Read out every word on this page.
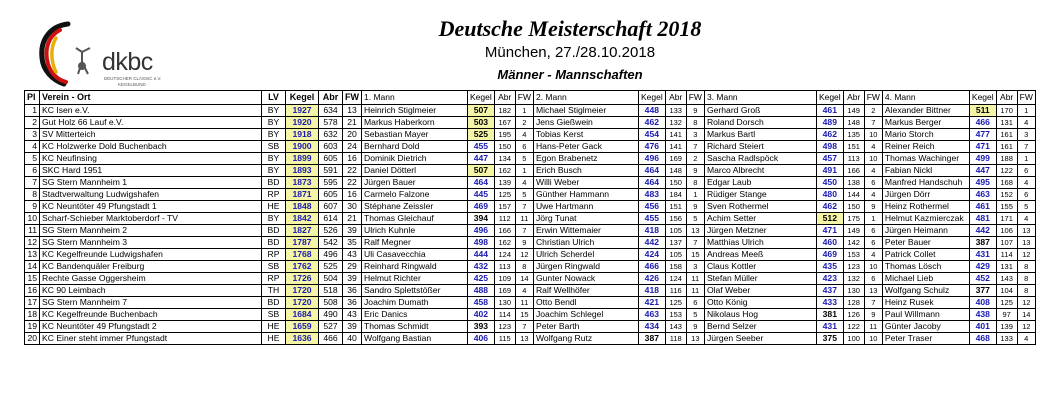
dkbc
DEUTSCHER CLASSIC e.V.
KEGELBUND
Deutsche Meisterschaft 2018
München, 27./28.10.2018
Männer - Mannschaften
Pl	Verein - Ort	LV	Kegel	Abr	FW	1. Mann	Kegel	Abr	FW	2. Mann	Kegel	Abr	FW	3. Mann	Kegel	Abr	FW	4. Mann	Kegel	Abr	FW
1	KC Isen e.V.	BY	1927	634	13	Heinrich Stiglmeier	507	182	1	Michael Stiglmeier	448	133	9	Gerhard Groß	461	149	2	Alexander Bittner	511	170	1
2	Gut Holz 66 Lauf e.V.	BY	1920	578	21	Markus Haberkorn	503	167	2	Jens Gießwein	462	132	8	Roland Dorsch	489	148	7	Markus Berger	466	131	4
3	SV Mitterteich	BY	1918	632	20	Sebastian Mayer	525	195	4	Tobias Kerst	454	141	3	Markus Bartl	462	135	10	Mario Storch	477	161	3
4	KC Holzwerke Dold Buchenbach	SB	1900	603	24	Bernhard Dold	455	150	6	Hans-Peter Gack	476	141	7	Richard Steiert	498	151	4	Reiner Reich	471	161	7
5	KC Neufinsing	BY	1899	605	16	Dominik Dietrich	447	134	5	Egon Brabenetz	496	169	2	Sascha Radlspöck	457	113	10	Thomas Wachinger	499	188	1
6	SKC Hard 1951	BY	1893	591	22	Daniel Dötterl	507	162	1	Erich Busch	464	148	9	Marco Albrecht	491	166	4	Fabian Nickl	447	122	6
7	SG Stern Mannheim 1	BD	1873	595	22	Jürgen Bauer	464	139	4	Willi Weber	464	150	8	Edgar Laub	450	138	6	Manfred Handschuh	495	168	4
8	Stadtverwaltung Ludwigshafen	RP	1871	605	16	Carmelo Falzone	445	125	5	Günther Hammann	483	184	1	Rüdiger Stange	480	144	4	Jürgen Dörr	463	152	6
9	KC Neuntöter 49 Pfungstadt 1	HE	1848	607	30	Stéphane Zeissler	469	157	7	Uwe Hartmann	456	151	9	Sven Rothermel	462	150	9	Heinz Rothermel	461	155	5
10	Scharf-Schieber Marktoberdorf - TV	BY	1842	614	21	Thomas Gleichauf	394	112	11	Jörg Tunat	455	156	5	Achim Setter	512	175	1	Helmut Kazmierczak	481	171	4
11	SG Stern Mannheim 2	BD	1827	526	39	Ulrich Kuhnle	496	166	7	Erwin Wittemaier	418	105	13	Jürgen Metzner	471	149	6	Jürgen Heimann	442	106	13
12	SG Stern Mannheim 3	BD	1787	542	35	Ralf Megner	498	162	9	Christian Ulrich	442	137	7	Matthias Ulrich	460	142	6	Peter Bauer	387	107	13
13	KC Kegelfreunde Ludwigshafen	RP	1768	496	43	Uli Casavecchia	444	124	12	Ulrich Scherdel	424	105	15	Andreas Meeß	469	153	4	Patrick Collet	431	114	12
14	KC Bandenquäler Freiburg	SB	1762	525	29	Reinhard Ringwald	432	113	8	Jürgen Ringwald	466	158	3	Claus Kottler	435	123	10	Thomas Lösch	429	131	8
15	Rechte Gasse Oggersheim	RP	1726	504	39	Helmut Richter	425	109	14	Gunter Nowack	426	124	11	Stefan Müller	423	132	6	Michael Lieb	452	143	8
16	KC 90 Leimbach	TH	1720	518	36	Sandro Splettstößer	488	169	4	Ralf Wellhöfer	418	116	11	Olaf Weber	437	130	13	Wolfgang Schulz	377	104	8
17	SG Stern Mannheim 7	BD	1720	508	36	Joachim Dumath	458	130	11	Otto Bendl	421	125	6	Otto König	433	128	7	Heinz Rusek	408	125	12
18	KC Kegelfreunde Buchenbach	SB	1684	490	43	Eric Danics	402	114	15	Joachim Schlegel	463	153	5	Nikolaus Hog	381	126	9	Paul Willmann	438	97	14
19	KC Neuntöter 49 Pfungstadt 2	HE	1659	527	39	Thomas Schmidt	393	123	7	Peter Barth	434	143	9	Bernd Selzer	431	122	11	Günter Jacoby	401	139	12
20	KC Einer steht immer Pfungstadt	HE	1636	466	40	Wolfgang Bastian	406	115	13	Wolfgang Rutz	387	118	13	Jürgen Seeber	375	100	10	Peter Traser	468	133	4
